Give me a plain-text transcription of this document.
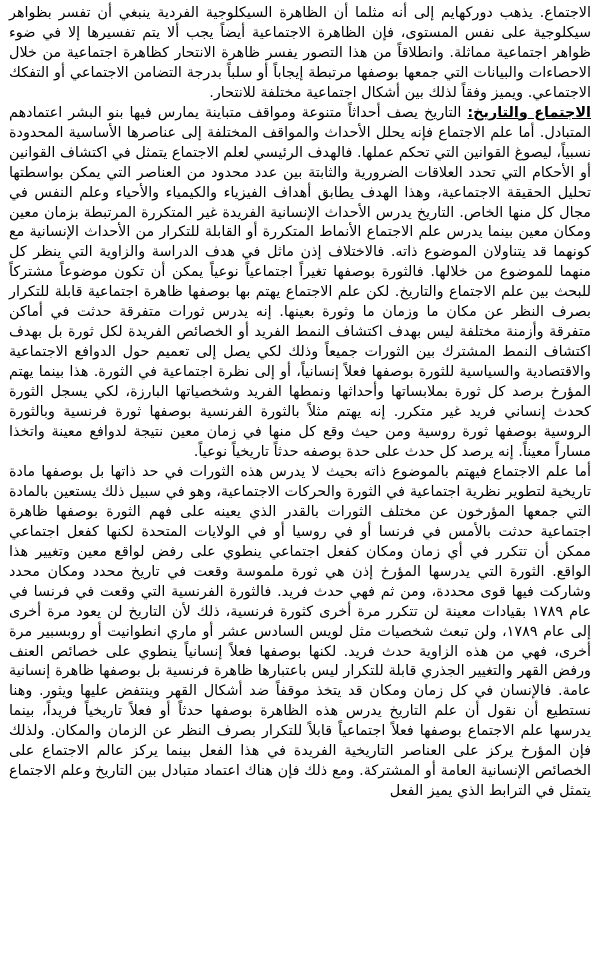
الاجتماع. يذهب دوركهايم إلى أنه مثلما أن الظاهرة السيكلوجية الفردية ينبغي أن تفسر بظواهر سيكلوجية على نفس المستوى، فإن الظاهرة الاجتماعية أيضاً يجب ألا يتم تفسيرها إلا في ضوء ظواهر اجتماعية مماثلة. وانطلاقاً من هذا التصور يفسر ظاهرة الانتحار كظاهرة اجتماعية من خلال الاحصاءات والبيانات التي جمعها بوصفها مرتبطة إيجاباً أو سلباً بدرجة التضامن الاجتماعي أو التفكك الاجتماعي. ويميز وفقاً لذلك بين أشكال اجتماعية مختلفة للانتحار.

الاجتماع والتاريخ: التاريخ يصف أحداثاً متنوعة ومواقف متباينة يمارس فيها بنو البشر اعتمادهم المتبادل. أما علم الاجتماع فإنه يحلل الأحداث والمواقف المختلفة إلى عناصرها الأساسية المحدودة نسبياً، ليصوغ القوانين التي تحكم عملها. فالهدف الرئيسي لعلم الاجتماع يتمثل في اكتشاف القوانين أو الأحكام التي تحدد العلاقات الضرورية والثابتة بين عدد محدود من العناصر التي يمكن بواسطتها تحليل الحقيقة الاجتماعية، وهذا الهدف يطابق أهداف الفيزياء والكيمياء والأحياء وعلم النفس في مجال كل منها الخاص. التاريخ يدرس الأحداث الإنسانية الفريدة غير المتكررة المرتبطة بزمان معين ومكان معين بينما يدرس علم الاجتماع الأنماط المتكررة أو القابلة للتكرار من الأحداث الإنسانية مع كونهما قد يتناولان الموضوع ذاته. فالاختلاف إذن ماثل في هدف الدراسة والزاوية التي ينظر كل منهما للموضوع من خلالها. فالثورة بوصفها تغيراً اجتماعياً نوعياً يمكن أن تكون موضوعاً مشتركاً للبحث بين علم الاجتماع والتاريخ. لكن علم الاجتماع يهتم بها بوصفها ظاهرة اجتماعية قابلة للتكرار بصرف النظر عن مكان ما وزمان ما وثورة بعينها. إنه يدرس ثورات متفرقة حدثت في أماكن متفرقة وأزمنة مختلفة ليس بهدف اكتشاف النمط الفريد أو الخصائص الفريدة لكل ثورة بل بهدف اكتشاف النمط المشترك بين الثورات جميعاً وذلك لكي يصل إلى تعميم حول الدوافع الاجتماعية والاقتصادية والسياسية للثورة بوصفها فعلاً إنسانياً، أو إلى نظرة اجتماعية في الثورة. هذا بينما يهتم المؤرخ برصد كل ثورة بملابساتها وأحداثها ونمطها الفريد وشخصياتها البارزة، لكي يسجل الثورة كحدث إنساني فريد غير متكرر. إنه يهتم مثلاً بالثورة الفرنسية بوصفها ثورة فرنسية وبالثورة الروسية بوصفها ثورة روسية ومن حيث وقع كل منها في زمان معين نتيجة لدوافع معينة واتخذا مساراً معيناً. إنه يرصد كل حدث على حدة بوصفه حدثاً تاريخياً نوعياً.

أما علم الاجتماع فيهتم بالموضوع ذاته بحيث لا يدرس هذه الثورات في حد ذاتها بل بوصفها مادة تاريخية لتطوير نظرية اجتماعية في الثورة والحركات الاجتماعية، وهو في سبيل ذلك يستعين بالمادة التي جمعها المؤرخون عن مختلف الثورات بالقدر الذي يعينه على فهم الثورة بوصفها ظاهرة اجتماعية حدثت بالأمس في فرنسا أو في روسيا أو في الولايات المتحدة لكنها كفعل اجتماعي ممكن أن تتكرر في أي زمان ومكان كفعل اجتماعي ينطوي على رفض لواقع معين وتغيير هذا الواقع. الثورة التي يدرسها المؤرخ إذن هي ثورة ملموسة وقعت في تاريخ محدد ومكان محدد وشاركت فيها قوى محددة، ومن ثم فهي حدث فريد. فالثورة الفرنسية التي وقعت في فرنسا في عام ١٧٨٩ بقيادات معينة لن تتكرر مرة أخرى كثورة فرنسية، ذلك لأن التاريخ لن يعود مرة أخرى إلى عام ١٧٨٩، ولن تبعث شخصيات مثل لويس السادس عشر أو ماري انطوانيت أو روبسبير مرة أخرى، فهي من هذه الزاوية حدث فريد. لكنها بوصفها فعلاً إنسانياً ينطوي على خصائص العنف ورفض القهر والتغيير الجذري قابلة للتكرار ليس باعتبارها ظاهرة فرنسية بل بوصفها ظاهرة إنسانية عامة. فالإنسان في كل زمان ومكان قد يتخذ موقفاً ضد أشكال القهر وينتفض عليها ويثور. وهنا نستطيع أن نقول أن علم التاريخ يدرس هذه الظاهرة بوصفها حدثاً أو فعلاً تاريخياً فريداً، بينما يدرسها علم الاجتماع بوصفها فعلاً اجتماعياً قابلاً للتكرار بصرف النظر عن الزمان والمكان. ولذلك فإن المؤرخ يركز على العناصر التاريخية الفريدة في هذا الفعل بينما يركز عالم الاجتماع على الخصائص الإنسانية العامة أو المشتركة. ومع ذلك فإن هناك اعتماد متبادل بين التاريخ وعلم الاجتماع يتمثل في الترابط الذي يميز الفعل
